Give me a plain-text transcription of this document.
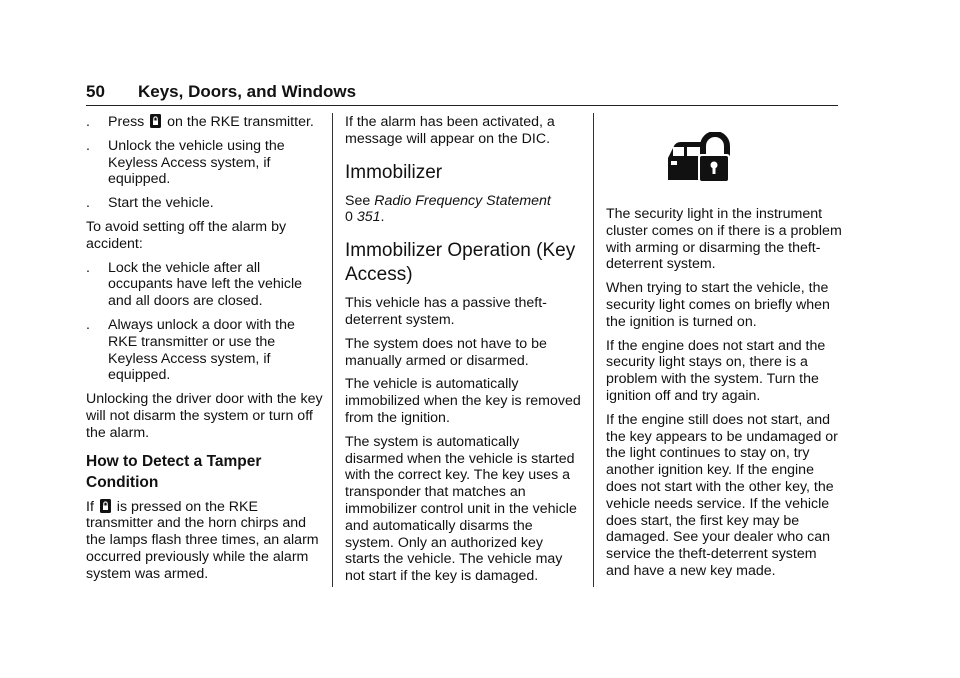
50 Keys, Doors, and Windows
. Press on the RKE transmitter.
. Unlock the vehicle using the Keyless Access system, if equipped.
. Start the vehicle.
To avoid setting off the alarm by accident:
. Lock the vehicle after all occupants have left the vehicle and all doors are closed.
. Always unlock a door with the RKE transmitter or use the Keyless Access system, if equipped.
Unlocking the driver door with the key will not disarm the system or turn off the alarm.
How to Detect a Tamper Condition
If is pressed on the RKE transmitter and the horn chirps and the lamps flash three times, an alarm occurred previously while the alarm system was armed.
If the alarm has been activated, a message will appear on the DIC.
Immobilizer
See Radio Frequency Statement
0 351.
Immobilizer Operation (Key Access)
This vehicle has a passive theft-deterrent system.
The system does not have to be manually armed or disarmed.
The vehicle is automatically immobilized when the key is removed from the ignition.
The system is automatically disarmed when the vehicle is started with the correct key. The key uses a transponder that matches an immobilizer control unit in the vehicle and automatically disarms the system. Only an authorized key starts the vehicle. The vehicle may not start if the key is damaged.
The security light in the instrument cluster comes on if there is a problem with arming or disarming the theft-deterrent system.
When trying to start the vehicle, the security light comes on briefly when the ignition is turned on.
If the engine does not start and the security light stays on, there is a problem with the system. Turn the ignition off and try again.
If the engine still does not start, and the key appears to be undamaged or the light continues to stay on, try another ignition key. If the engine does not start with the other key, the vehicle needs service. If the vehicle does start, the first key may be damaged. See your dealer who can service the theft-deterrent system and have a new key made.
